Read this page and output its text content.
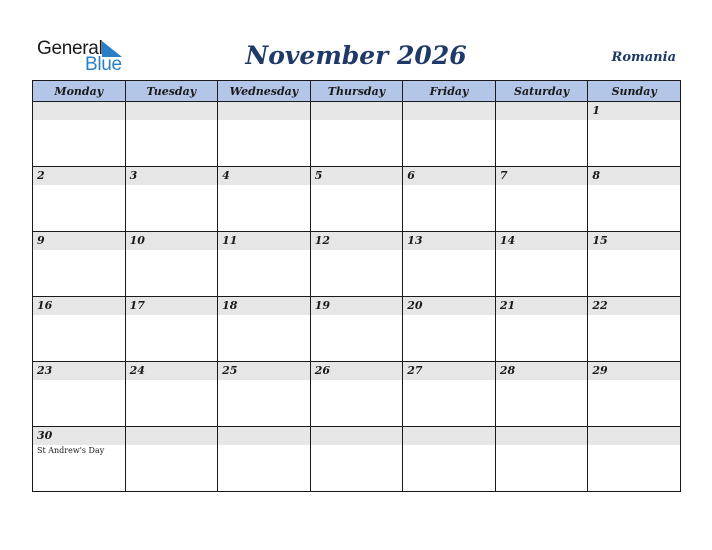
General
Blue	November 2026	Romania
Monday	Tuesday	Wednesday	Thursday	Friday	Saturday	Sunday

						1

2	3	4	5	6	7	8

9	10	11	12	13	14	15

16	17	18	19	20	21	22

23	24	25	26	27	28	29

30
St Andrew's Day						
